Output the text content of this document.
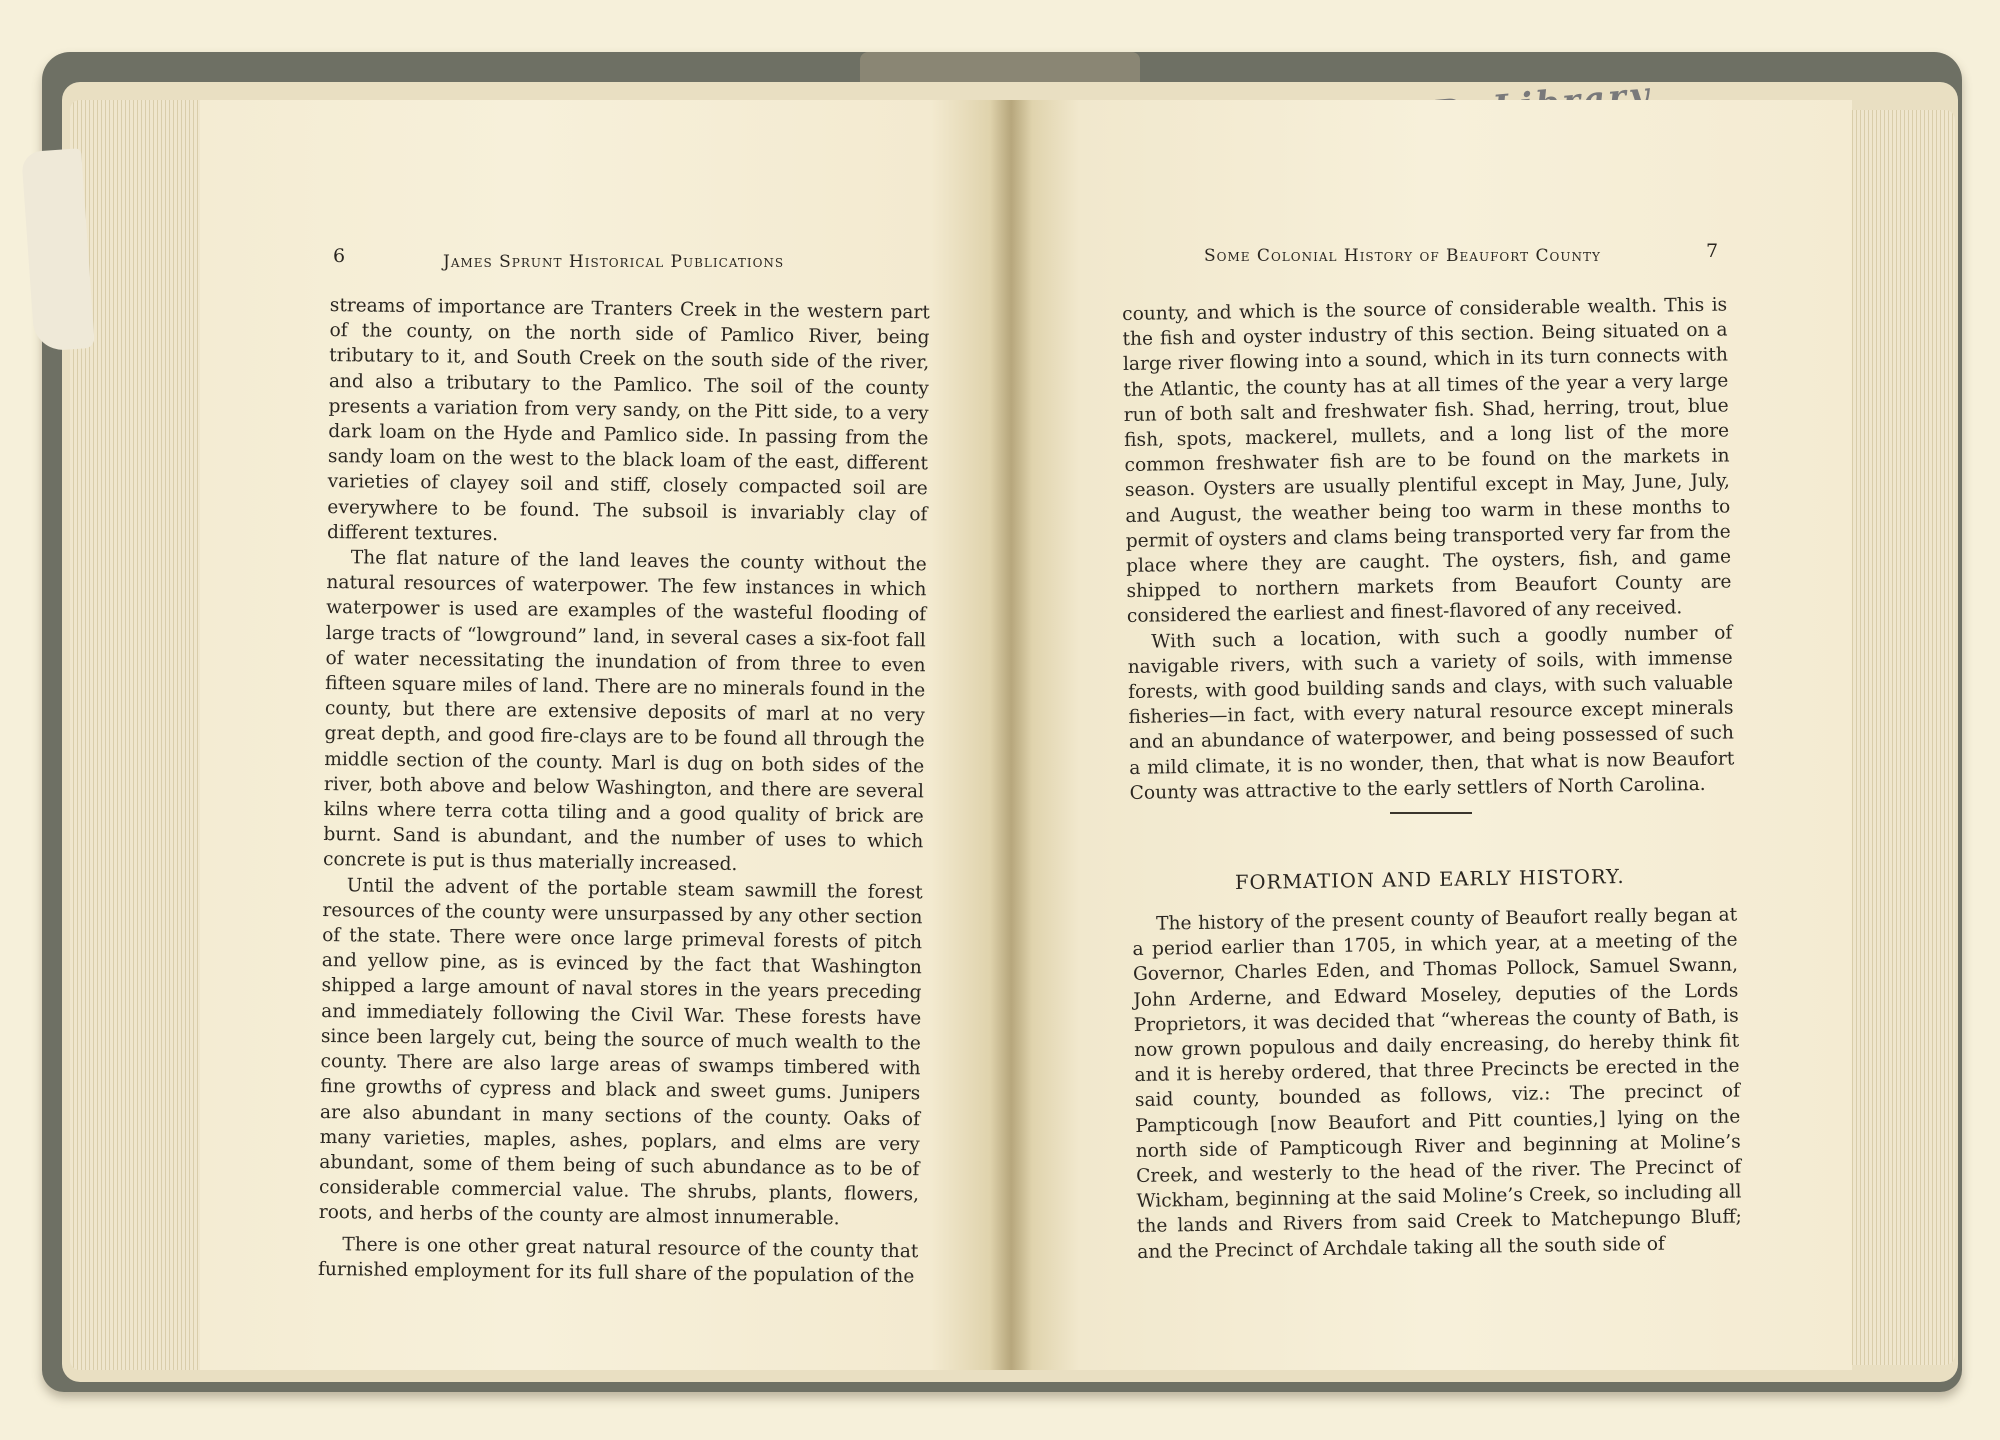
6	James Sprunt Historical Publications

streams of importance are Tranters Creek in the western part of the county, on the north side of Pamlico River, being tributary to it, and South Creek on the south side of the river, and also a tributary to the Pamlico. The soil of the county presents a variation from very sandy, on the Pitt side, to a very dark loam on the Hyde and Pamlico side. In passing from the sandy loam on the west to the black loam of the east, different varieties of clayey soil and stiff, closely compacted soil are everywhere to be found. The subsoil is invariably clay of different textures.

The flat nature of the land leaves the county without the natural resources of waterpower. The few instances in which waterpower is used are examples of the wasteful flooding of large tracts of “lowground” land, in several cases a six-foot fall of water necessitating the inundation of from three to even fifteen square miles of land. There are no minerals found in the county, but there are extensive deposits of marl at no very great depth, and good fire-clays are to be found all through the middle section of the county. Marl is dug on both sides of the river, both above and below Washington, and there are several kilns where terra cotta tiling and a good quality of brick are burnt. Sand is abundant, and the number of uses to which concrete is put is thus materially increased.

Until the advent of the portable steam sawmill the forest resources of the county were unsurpassed by any other section of the state. There were once large primeval forests of pitch and yellow pine, as is evinced by the fact that Washington shipped a large amount of naval stores in the years preceding and immediately following the Civil War. These forests have since been largely cut, being the source of much wealth to the county. There are also large areas of swamps timbered with fine growths of cypress and black and sweet gums. Junipers are also abundant in many sections of the county. Oaks of many varieties, maples, ashes, poplars, and elms are very abundant, some of them being of such abundance as to be of considerable commercial value. The shrubs, plants, flowers, roots, and herbs of the county are almost innumerable.

There is one other great natural resource of the county that furnished employment for its full share of the population of the

Some Colonial History of Beaufort County	7

county, and which is the source of considerable wealth. This is the fish and oyster industry of this section. Being situated on a large river flowing into a sound, which in its turn connects with the Atlantic, the county has at all times of the year a very large run of both salt and freshwater fish. Shad, herring, trout, blue fish, spots, mackerel, mullets, and a long list of the more common freshwater fish are to be found on the markets in season. Oysters are usually plentiful except in May, June, July, and August, the weather being too warm in these months to permit of oysters and clams being transported very far from the place where they are caught. The oysters, fish, and game shipped to northern markets from Beaufort County are considered the earliest and finest-flavored of any received.

With such a location, with such a goodly number of navigable rivers, with such a variety of soils, with immense forests, with good building sands and clays, with such valuable fisheries—in fact, with every natural resource except minerals and an abundance of waterpower, and being possessed of such a mild climate, it is no wonder, then, that what is now Beaufort County was attractive to the early settlers of North Carolina.

FORMATION AND EARLY HISTORY.

The history of the present county of Beaufort really began at a period earlier than 1705, in which year, at a meeting of the Governor, Charles Eden, and Thomas Pollock, Samuel Swann, John Arderne, and Edward Moseley, deputies of the Lords Proprietors, it was decided that “whereas the county of Bath, is now grown populous and daily encreasing, do hereby think fit and it is hereby ordered, that three Precincts be erected in the said county, bounded as follows, viz.: The precinct of Pampticough [now Beaufort and Pitt counties,] lying on the north side of Pampticough River and beginning at Moline’s Creek, and westerly to the head of the river. The Precinct of Wickham, beginning at the said Moline’s Creek, so including all the lands and Rivers from said Creek to Matchepungo Bluff; and the Precinct of Archdale taking all the south side of
